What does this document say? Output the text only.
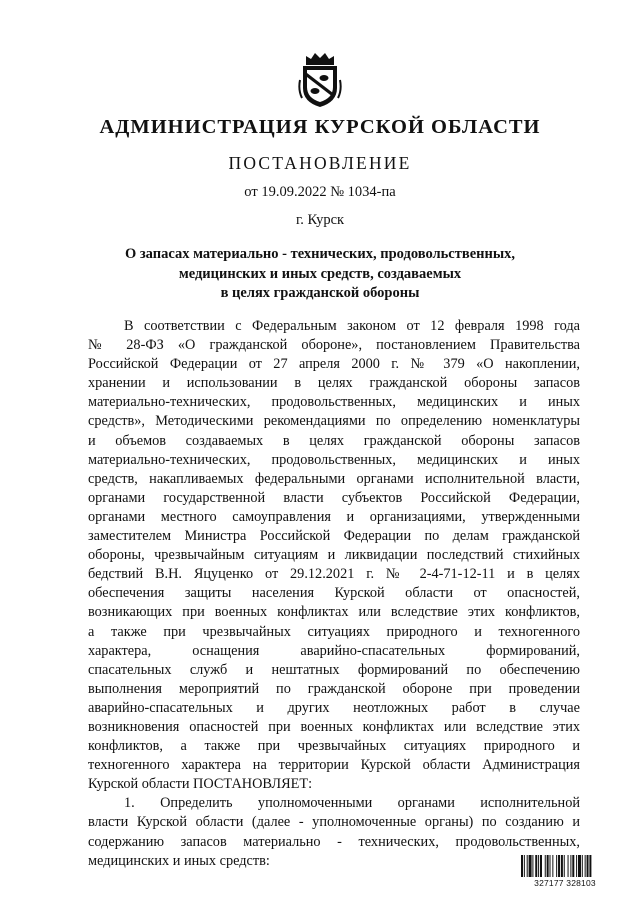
АДМИНИСТРАЦИЯ КУРСКОЙ ОБЛАСТИ
ПОСТАНОВЛЕНИЕ
от 19.09.2022 № 1034-па
г. Курск
О запасах материально - технических, продовольственных,
медицинских и иных средств, создаваемых
в целях гражданской обороны
В соответствии с Федеральным законом от 12 февраля 1998 года
№ 28-ФЗ «О гражданской обороне», постановлением Правительства
Российской Федерации от 27 апреля 2000 г. № 379 «О накоплении,
хранении и использовании в целях гражданской обороны запасов
материально-технических, продовольственных, медицинских и иных
средств», Методическими рекомендациями по определению номенклатуры
и объемов создаваемых в целях гражданской обороны запасов
материально-технических, продовольственных, медицинских и иных
средств, накапливаемых федеральными органами исполнительной власти,
органами государственной власти субъектов Российской Федерации,
органами местного самоуправления и организациями, утвержденными
заместителем Министра Российской Федерации по делам гражданской
обороны, чрезвычайным ситуациям и ликвидации последствий стихийных
бедствий В.Н. Яцуценко от 29.12.2021 г. № 2-4-71-12-11 и в целях
обеспечения защиты населения Курской области от опасностей,
возникающих при военных конфликтах или вследствие этих конфликтов,
а также при чрезвычайных ситуациях природного и техногенного
характера, оснащения аварийно-спасательных формирований,
спасательных служб и нештатных формирований по обеспечению
выполнения мероприятий по гражданской обороне при проведении
аварийно-спасательных и других неотложных работ в случае
возникновения опасностей при военных конфликтах или вследствие этих
конфликтов, а также при чрезвычайных ситуациях природного и
техногенного характера на территории Курской области Администрация
Курской области ПОСТАНОВЛЯЕТ:
1. Определить уполномоченными органами исполнительной
власти Курской области (далее - уполномоченные органы) по созданию и
содержанию запасов материально - технических, продовольственных,
медицинских и иных средств:
327177 328103
